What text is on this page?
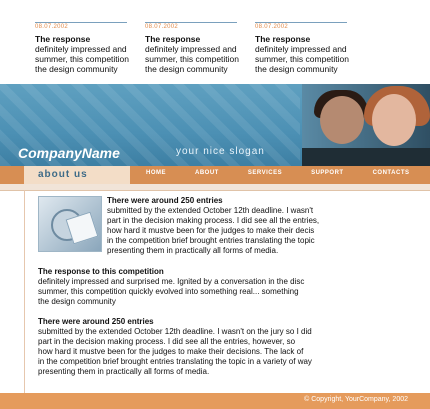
08.07.2002
The response
definitely impressed and
summer, this competition
the design community
08.07.2002
The response
definitely impressed and
summer, this competition
the design community
08.07.2002
The response
definitely impressed and
summer, this competition
the design community
CompanyName	your nice slogan
about us	HOME	ABOUT	SERVICES	SUPPORT	CONTACTS
There were around 250 entries
submitted by the extended October 12th deadline. I wasn't
part in the decision making process. I did see all the entries,
how hard it mustve been for the judges to make their decis
in the competition brief brought entries translating the topic
presenting them in practically all forms of media.
The response to this competition
definitely impressed and surprised me. Ignited by a conversation in the disc
summer, this competition quickly evolved into something real... something
the design community
There were around 250 entries
submitted by the extended October 12th deadline. I wasn't on the jury so I did
part in the decision making process. I did see all the entries, however, so
how hard it mustve been for the judges to make their decisions. The lack of
in the competition brief brought entries translating the topic in a variety of way
presenting them in practically all forms of media.
© Copyright, YourCompany, 2002
